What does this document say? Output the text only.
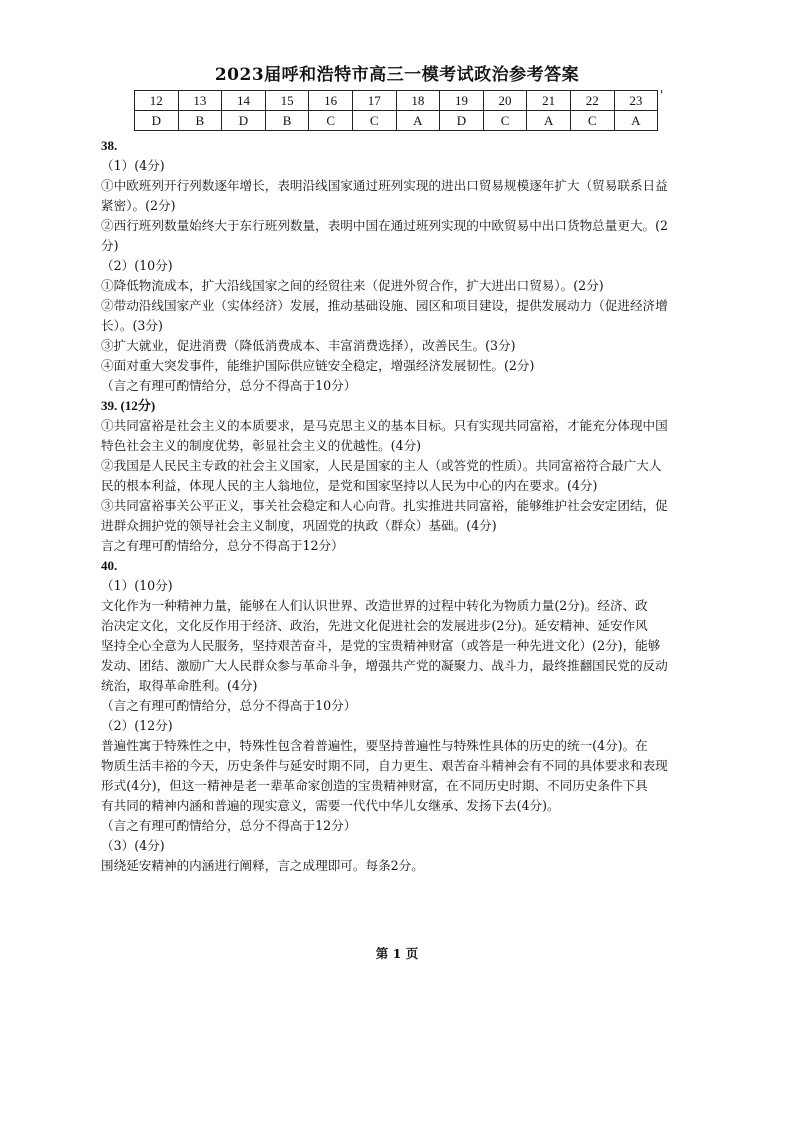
2023届呼和浩特市高三一模考试政治参考答案
12	13	14	15	16	17	18	19	20	21	22	23
D	B	D	B	C	C	A	D	C	A	C	A
'

38.

（1）(4分)

①中欧班列开行列数逐年增长，表明沿线国家通过班列实现的进出口贸易规模逐年扩大（贸易联系日益

紧密）。(2分)

②西行班列数量始终大于东行班列数量，表明中国在通过班列实现的中欧贸易中出口货物总量更大。(2

分)

（2）(10分)

①降低物流成本，扩大沿线国家之间的经贸往来（促进外贸合作，扩大进出口贸易）。(2分)

②带动沿线国家产业（实体经济）发展，推动基础设施、园区和项目建设，提供发展动力（促进经济增

长）。(3分)

③扩大就业，促进消费（降低消费成本、丰富消费选择），改善民生。(3分)

④面对重大突发事件，能维护国际供应链安全稳定，增强经济发展韧性。(2分)

（言之有理可酌情给分，总分不得高于10分）

39. (12分)

①共同富裕是社会主义的本质要求，是马克思主义的基本目标。只有实现共同富裕，才能充分体现中国

特色社会主义的制度优势，彰显社会主义的优越性。(4分)

②我国是人民民主专政的社会主义国家，人民是国家的主人（或答党的性质）。共同富裕符合最广大人

民的根本利益，体现人民的主人翁地位，是党和国家坚持以人民为中心的内在要求。(4分)

③共同富裕事关公平正义，事关社会稳定和人心向背。扎实推进共同富裕，能够维护社会安定团结，促

进群众拥护党的领导社会主义制度，巩固党的执政（群众）基础。(4分)

言之有理可酌情给分，总分不得高于12分）

40.

（1）(10分)

文化作为一种精神力量，能够在人们认识世界、改造世界的过程中转化为物质力量(2分)。经济、政

治决定文化，文化反作用于经济、政治，先进文化促进社会的发展进步(2分)。延安精神、延安作风

坚持全心全意为人民服务，坚持艰苦奋斗，是党的宝贵精神财富（或答是一种先进文化）(2分)，能够

发动、团结、激励广大人民群众参与革命斗争，增强共产党的凝聚力、战斗力，最终推翻国民党的反动

统治，取得革命胜利。(4分)

（言之有理可酌情给分，总分不得高于10分）

（2）(12分)

普遍性寓于特殊性之中，特殊性包含着普遍性，要坚持普遍性与特殊性具体的历史的统一(4分)。在

物质生活丰裕的今天，历史条件与延安时期不同，自力更生、艰苦奋斗精神会有不同的具体要求和表现

形式(4分)，但这一精神是老一辈革命家创造的宝贵精神财富，在不同历史时期、不同历史条件下具

有共同的精神内涵和普遍的现实意义，需要一代代中华儿女继承、发扬下去(4分)。

（言之有理可酌情给分，总分不得高于12分）

（3）(4分)

围绕延安精神的内涵进行阐释，言之成理即可。每条2分。

第 1 页
